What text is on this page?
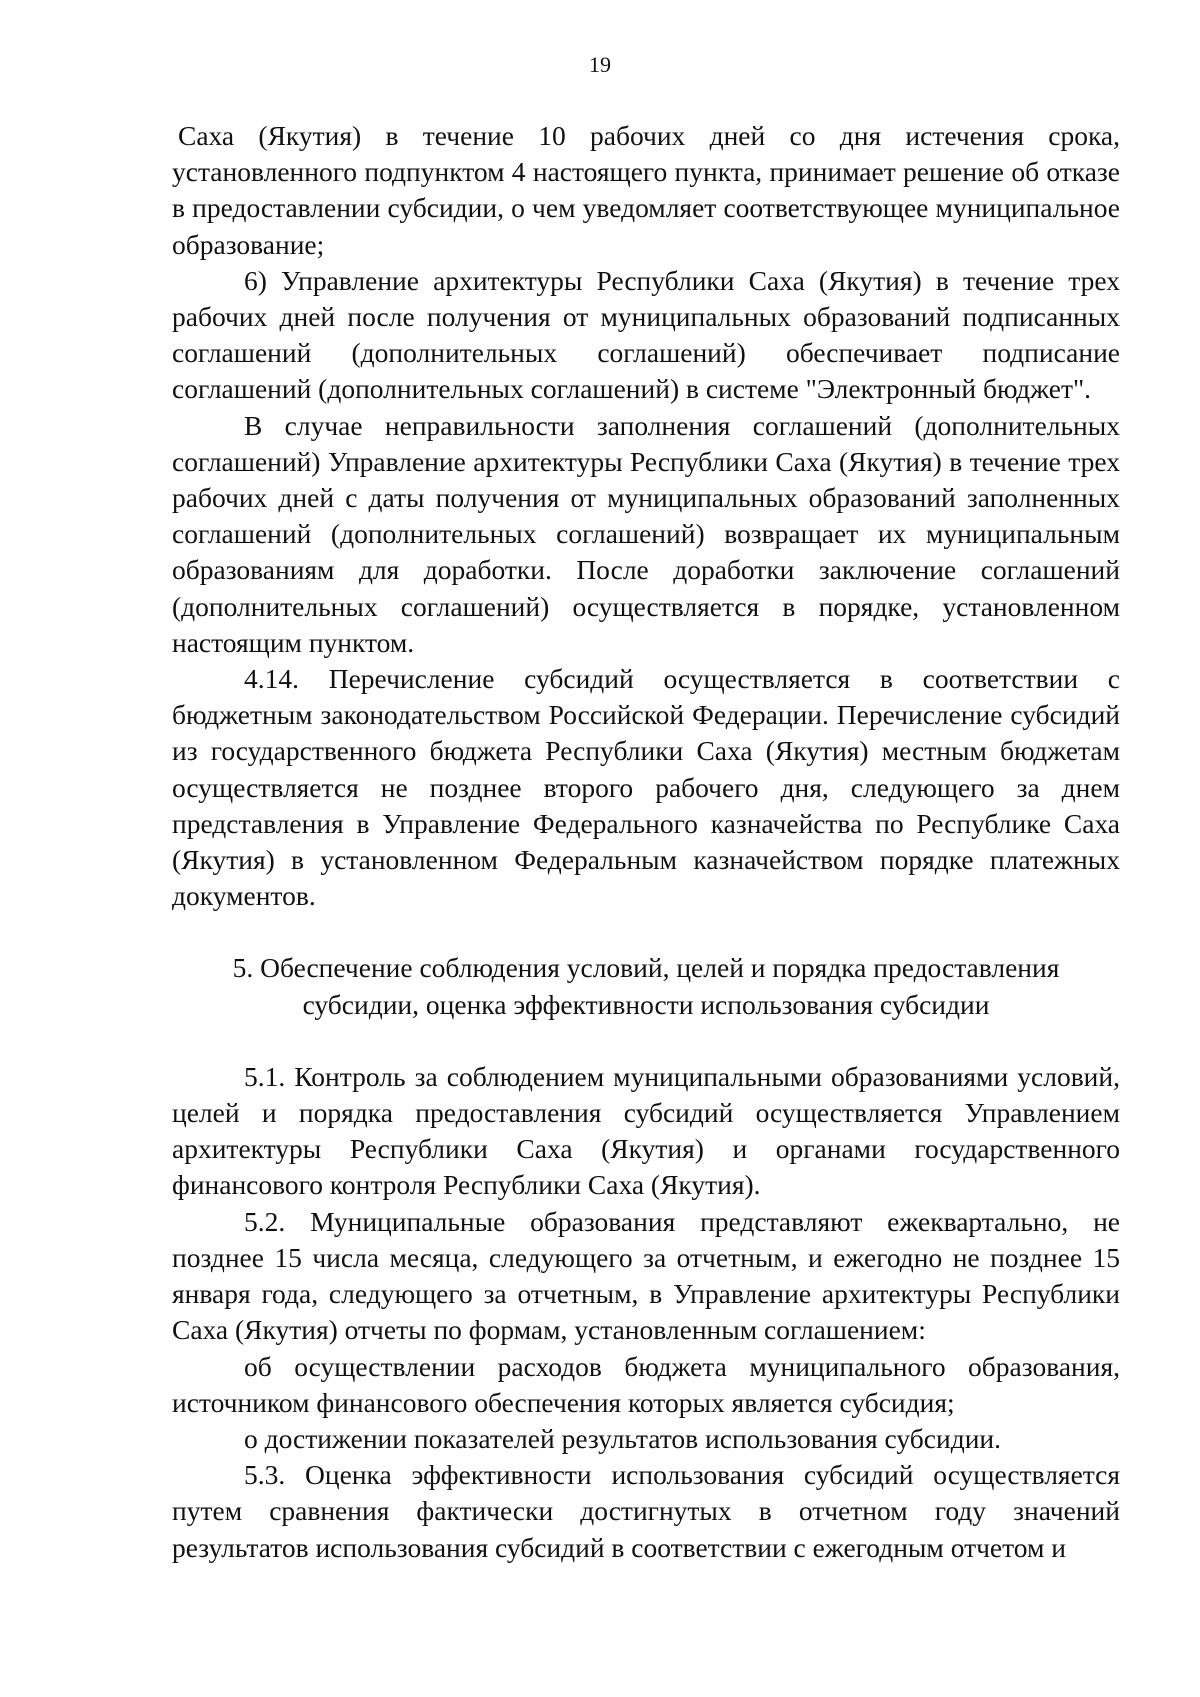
19

Саха (Якутия) в течение 10 рабочих дней со дня истечения срока, установленного подпунктом 4 настоящего пункта, принимает решение об отказе в предоставлении субсидии, о чем уведомляет соответствующее муниципальное образование;

6) Управление архитектуры Республики Саха (Якутия) в течение трех рабочих дней после получения от муниципальных образований подписанных соглашений (дополнительных соглашений) обеспечивает подписание соглашений (дополнительных соглашений) в системе "Электронный бюджет".

В случае неправильности заполнения соглашений (дополнительных соглашений) Управление архитектуры Республики Саха (Якутия) в течение трех рабочих дней с даты получения от муниципальных образований заполненных соглашений (дополнительных соглашений) возвращает их муниципальным образованиям для доработки. После доработки заключение соглашений (дополнительных соглашений) осуществляется в порядке, установленном настоящим пунктом.

4.14. Перечисление субсидий осуществляется в соответствии с бюджетным законодательством Российской Федерации. Перечисление субсидий из государственного бюджета Республики Саха (Якутия) местным бюджетам осуществляется не позднее второго рабочего дня, следующего за днем представления в Управление Федерального казначейства по Республике Саха (Якутия) в установленном Федеральным казначейством порядке платежных документов.

5. Обеспечение соблюдения условий, целей и порядка предоставления
субсидии, оценка эффективности использования субсидии

5.1. Контроль за соблюдением муниципальными образованиями условий, целей и порядка предоставления субсидий осуществляется Управлением архитектуры Республики Саха (Якутия) и органами государственного финансового контроля Республики Саха (Якутия).

5.2. Муниципальные образования представляют ежеквартально, не позднее 15 числа месяца, следующего за отчетным, и ежегодно не позднее 15 января года, следующего за отчетным, в Управление архитектуры Республики Саха (Якутия) отчеты по формам, установленным соглашением:

об осуществлении расходов бюджета муниципального образования, источником финансового обеспечения которых является субсидия;

о достижении показателей результатов использования субсидии.

5.3. Оценка эффективности использования субсидий осуществляется путем сравнения фактически достигнутых в отчетном году значений результатов использования субсидий в соответствии с ежегодным отчетом и
